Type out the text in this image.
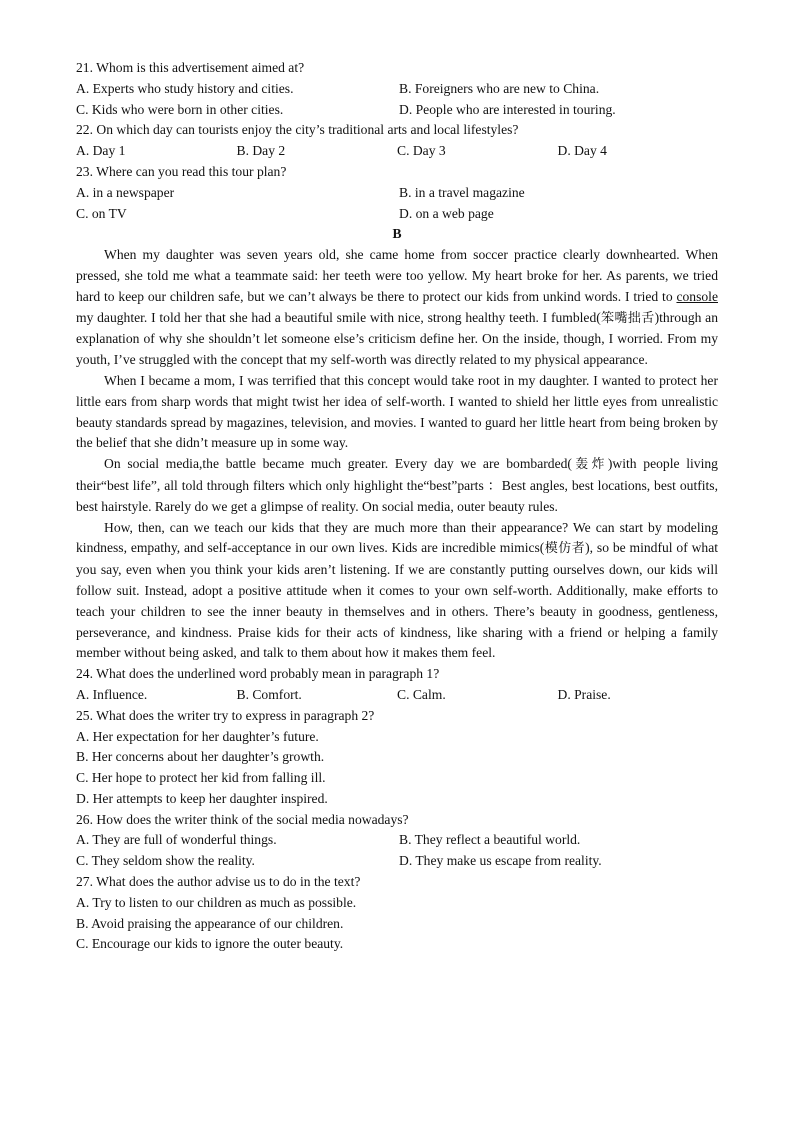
21. Whom is this advertisement aimed at?
A. Experts who study history and cities.	B. Foreigners who are new to China.
C. Kids who were born in other cities.	D. People who are interested in touring.
22. On which day can tourists enjoy the city’s traditional arts and local lifestyles?
A. Day 1	B. Day 2	C. Day 3	D. Day 4
23. Where can you read this tour plan?
A. in a newspaper	B. in a travel magazine
C. on TV	D. on a web page
B

When my daughter was seven years old, she came home from soccer practice clearly downhearted. When pressed, she told me what a teammate said: her teeth were too yellow. My heart broke for her. As parents, we tried hard to keep our children safe, but we can’t always be there to protect our kids from unkind words. I tried to console my daughter. I told her that she had a beautiful smile with nice, strong healthy teeth. I fumbled(笨嘴拙舌)through an explanation of why she shouldn’t let someone else’s criticism define her. On the inside, though, I worried. From my youth, I’ve struggled with the concept that my self-worth was directly related to my physical appearance.

When I became a mom, I was terrified that this concept would take root in my daughter. I wanted to protect her little ears from sharp words that might twist her idea of self-worth. I wanted to shield her little eyes from unrealistic beauty standards spread by magazines, television, and movies. I wanted to guard her little heart from being broken by the belief that she didn’t measure up in some way.

On social media,the battle became much greater. Every day we are bombarded(轰炸)with people living their“best life”, all told through filters which only highlight the“best”parts ：Best angles, best locations, best outfits, best hairstyle. Rarely do we get a glimpse of reality. On social media, outer beauty rules.

How, then, can we teach our kids that they are much more than their appearance? We can start by modeling kindness, empathy, and self-acceptance in our own lives. Kids are incredible mimics(模仿者), so be mindful of what you say, even when you think your kids aren’t listening. If we are constantly putting ourselves down, our kids will follow suit. Instead, adopt a positive attitude when it comes to your own self-worth. Additionally, make efforts to teach your children to see the inner beauty in themselves and in others. There’s beauty in goodness, gentleness, perseverance, and kindness. Praise kids for their acts of kindness, like sharing with a friend or helping a family member without being asked, and talk to them about how it makes them feel.

24. What does the underlined word probably mean in paragraph 1?
A. Influence.	B. Comfort.	C. Calm.	D. Praise.
25. What does the writer try to express in paragraph 2?
A. Her expectation for her daughter’s future.
B. Her concerns about her daughter’s growth.
C. Her hope to protect her kid from falling ill.
D. Her attempts to keep her daughter inspired.
26. How does the writer think of the social media nowadays?
A. They are full of wonderful things.	B. They reflect a beautiful world.
C. They seldom show the reality.	D. They make us escape from reality.
27. What does the author advise us to do in the text?
A. Try to listen to our children as much as possible.
B. Avoid praising the appearance of our children.
C. Encourage our kids to ignore the outer beauty.
